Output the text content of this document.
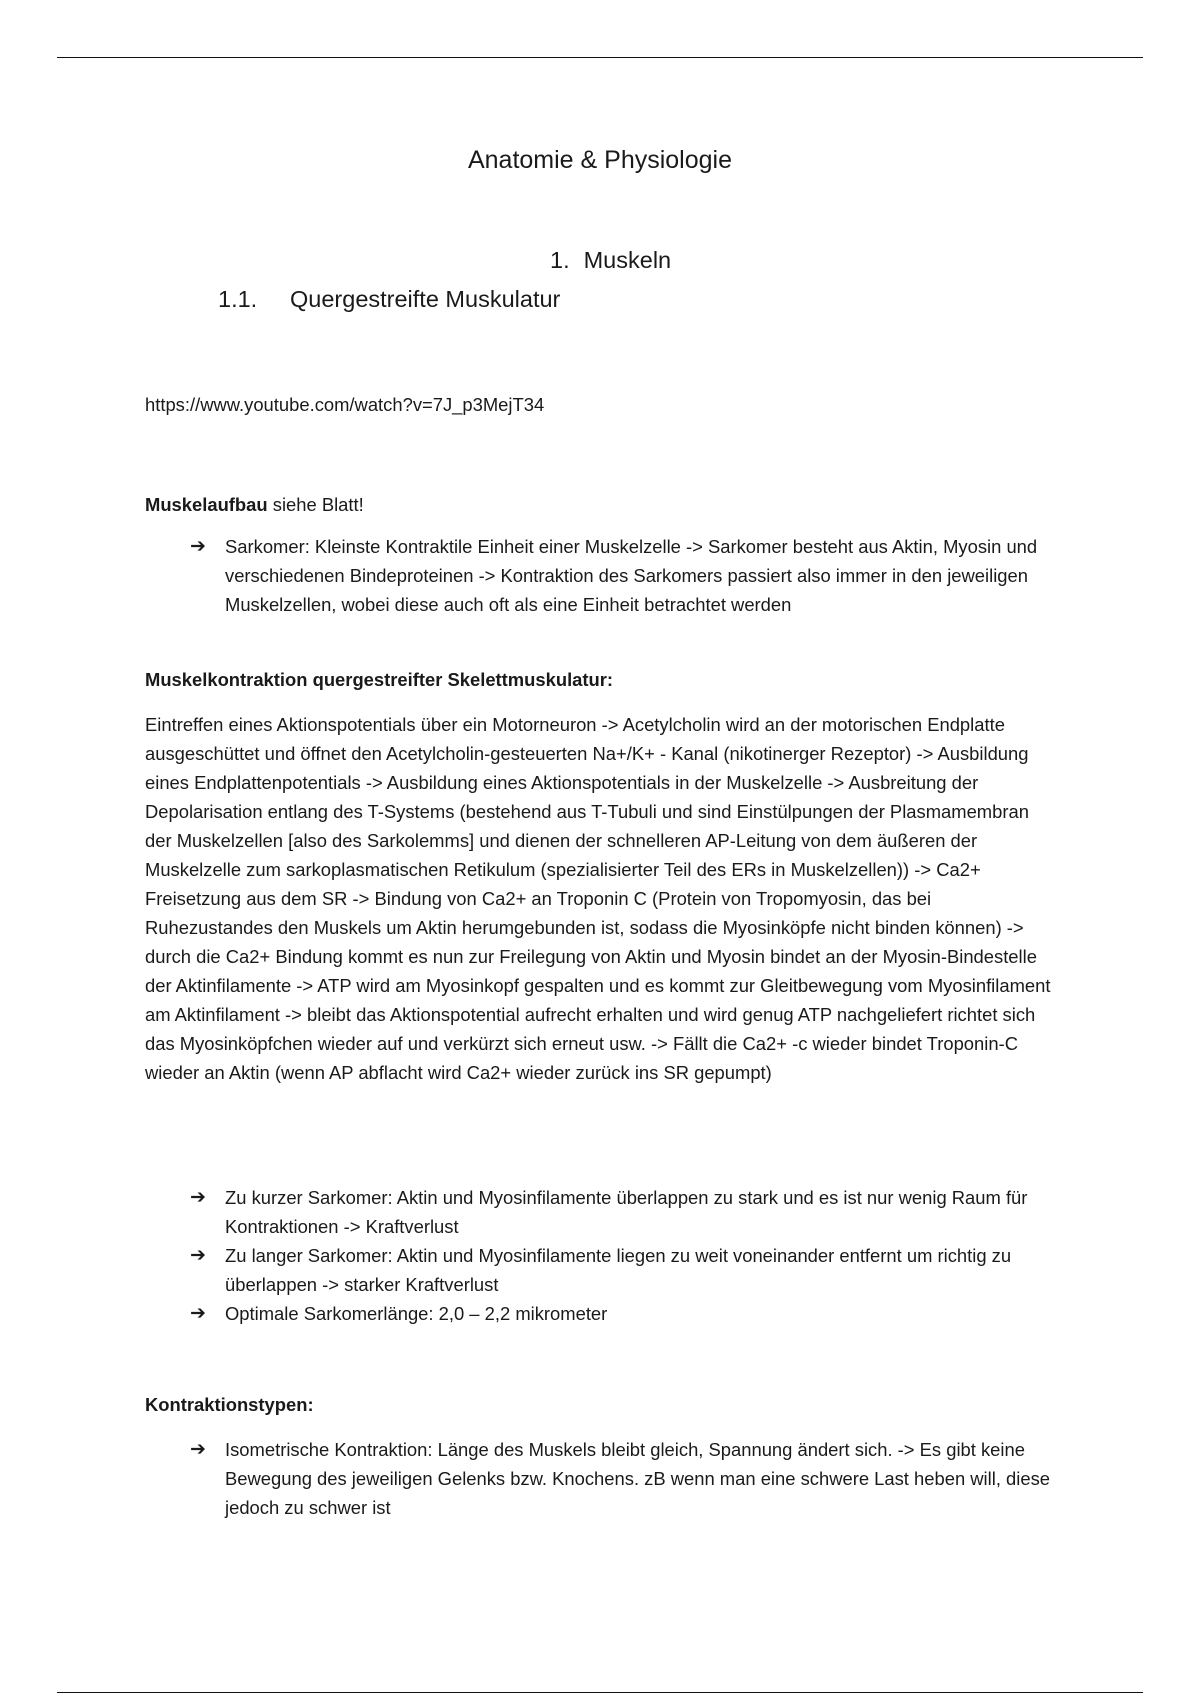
Anatomie & Physiologie
1. Muskeln
1.1. Quergestreifte Muskulatur
https://www.youtube.com/watch?v=7J_p3MejT34
Muskelaufbau siehe Blatt!
➔ Sarkomer: Kleinste Kontraktile Einheit einer Muskelzelle -> Sarkomer besteht aus Aktin, Myosin und verschiedenen Bindeproteinen -> Kontraktion des Sarkomers passiert also immer in den jeweiligen Muskelzellen, wobei diese auch oft als eine Einheit betrachtet werden
Muskelkontraktion quergestreifter Skelettmuskulatur:
Eintreffen eines Aktionspotentials über ein Motorneuron -> Acetylcholin wird an der motorischen Endplatte ausgeschüttet und öffnet den Acetylcholin-gesteuerten Na+/K+ - Kanal (nikotinerger Rezeptor) -> Ausbildung eines Endplattenpotentials -> Ausbildung eines Aktionspotentials in der Muskelzelle -> Ausbreitung der Depolarisation entlang des T-Systems (bestehend aus T-Tubuli und sind Einstülpungen der Plasmamembran der Muskelzellen [also des Sarkolemms] und dienen der schnelleren AP-Leitung von dem äußeren der Muskelzelle zum sarkoplasmatischen Retikulum (spezialisierter Teil des ERs in Muskelzellen)) -> Ca2+ Freisetzung aus dem SR -> Bindung von Ca2+ an Troponin C (Protein von Tropomyosin, das bei Ruhezustandes den Muskels um Aktin herumgebunden ist, sodass die Myosinköpfe nicht binden können) -> durch die Ca2+ Bindung kommt es nun zur Freilegung von Aktin und Myosin bindet an der Myosin-Bindestelle der Aktinfilamente -> ATP wird am Myosinkopf gespalten und es kommt zur Gleitbewegung vom Myosinfilament am Aktinfilament -> bleibt das Aktionspotential aufrecht erhalten und wird genug ATP nachgeliefert richtet sich das Myosinköpfchen wieder auf und verkürzt sich erneut usw. -> Fällt die Ca2+ -c wieder bindet Troponin-C wieder an Aktin (wenn AP abflacht wird Ca2+ wieder zurück ins SR gepumpt)
➔ Zu kurzer Sarkomer: Aktin und Myosinfilamente überlappen zu stark und es ist nur wenig Raum für Kontraktionen -> Kraftverlust
➔ Zu langer Sarkomer: Aktin und Myosinfilamente liegen zu weit voneinander entfernt um richtig zu überlappen -> starker Kraftverlust
➔ Optimale Sarkomerlänge: 2,0 – 2,2 mikrometer
Kontraktionstypen:
➔ Isometrische Kontraktion: Länge des Muskels bleibt gleich, Spannung ändert sich. -> Es gibt keine Bewegung des jeweiligen Gelenks bzw. Knochens. zB wenn man eine schwere Last heben will, diese jedoch zu schwer ist
